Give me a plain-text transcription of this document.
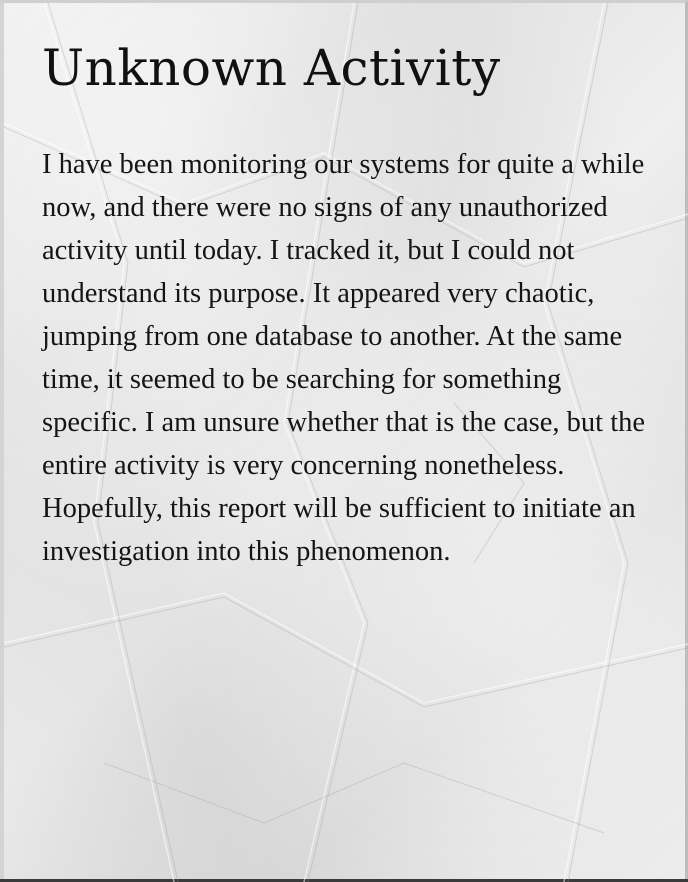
Unknown Activity

I have been monitoring our systems for quite a while now, and there were no signs of any unauthorized activity until today. I tracked it, but I could not understand its purpose. It appeared very chaotic, jumping from one database to another. At the same time, it seemed to be searching for something specific. I am unsure whether that is the case, but the entire activity is very concerning nonetheless. Hopefully, this report will be sufficient to initiate an investigation into this phenomenon.
